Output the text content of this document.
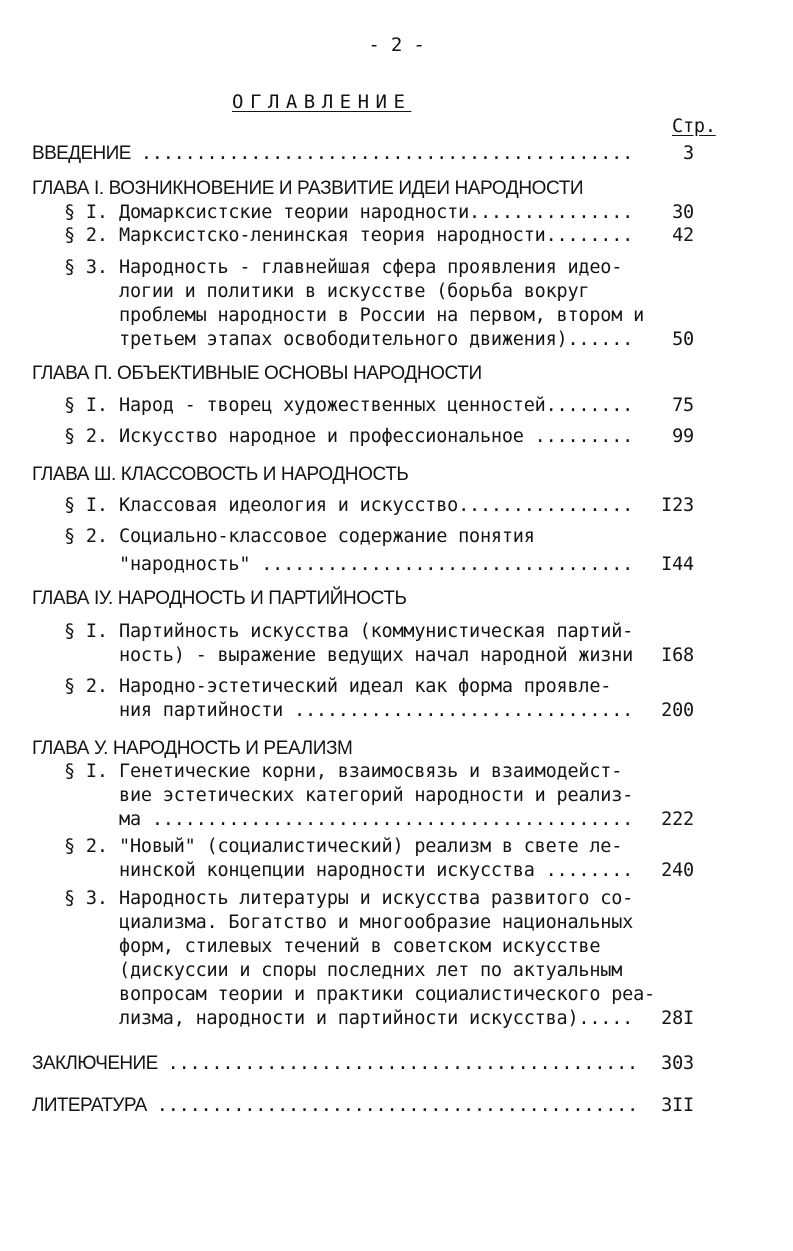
- 2 -
ОГЛАВЛЕНИЕ
Стр.
ВВЕДЕНИЕ .....	3
ГЛАВА I. ВОЗНИКНОВЕНИЕ И РАЗВИТИЕ ИДЕИ НАРОДНОСТИ
§ I. Домарксистские теории народности .....	30
§ 2. Марксистско-ленинская теория народности .....	42
§ 3. Народность - главнейшая сфера проявления идео-
логии и политики в искусстве (борьба вокруг
проблемы народности в России на первом, втором и
третьем этапах освободительного движения) .....	50
ГЛАВА П. ОБЪЕКТИВНЫЕ ОСНОВЫ НАРОДНОСТИ
§ I. Народ - творец художественных ценностей .....	75
§ 2. Искусство народное и профессиональное .....	99
ГЛАВА Ш. КЛАССОВОСТЬ И НАРОДНОСТЬ
§ I. Классовая идеология и искусство .....	I23
§ 2. Социально-классовое содержание понятия
"народность" .....	I44
ГЛАВА IУ. НАРОДНОСТЬ И ПАРТИЙНОСТЬ
§ I. Партийность искусства (коммунистическая партий-
ность) - выражение ведущих начал народной жизни .....	I68
§ 2. Народно-эстетический идеал как форма проявле-
ния партийности .....	200
ГЛАВА У. НАРОДНОСТЬ И РЕАЛИЗМ
§ I. Генетические корни, взаимосвязь и взаимодейст-
вие эстетических категорий народности и реализ-
ма .....	222
§ 2. "Новый" (социалистический) реализм в свете ле-
нинской концепции народности искусства .....	240
§ 3. Народность литературы и искусства развитого со-
циализма. Богатство и многообразие национальных
форм, стилевых течений в советском искусстве
(дискуссии и споры последних лет по актуальным
вопросам теории и практики социалистического реа-
лизма, народности и партийности искусства) .....	28I
ЗАКЛЮЧЕНИЕ .....	303
ЛИТЕРАТУРА .....	3II
